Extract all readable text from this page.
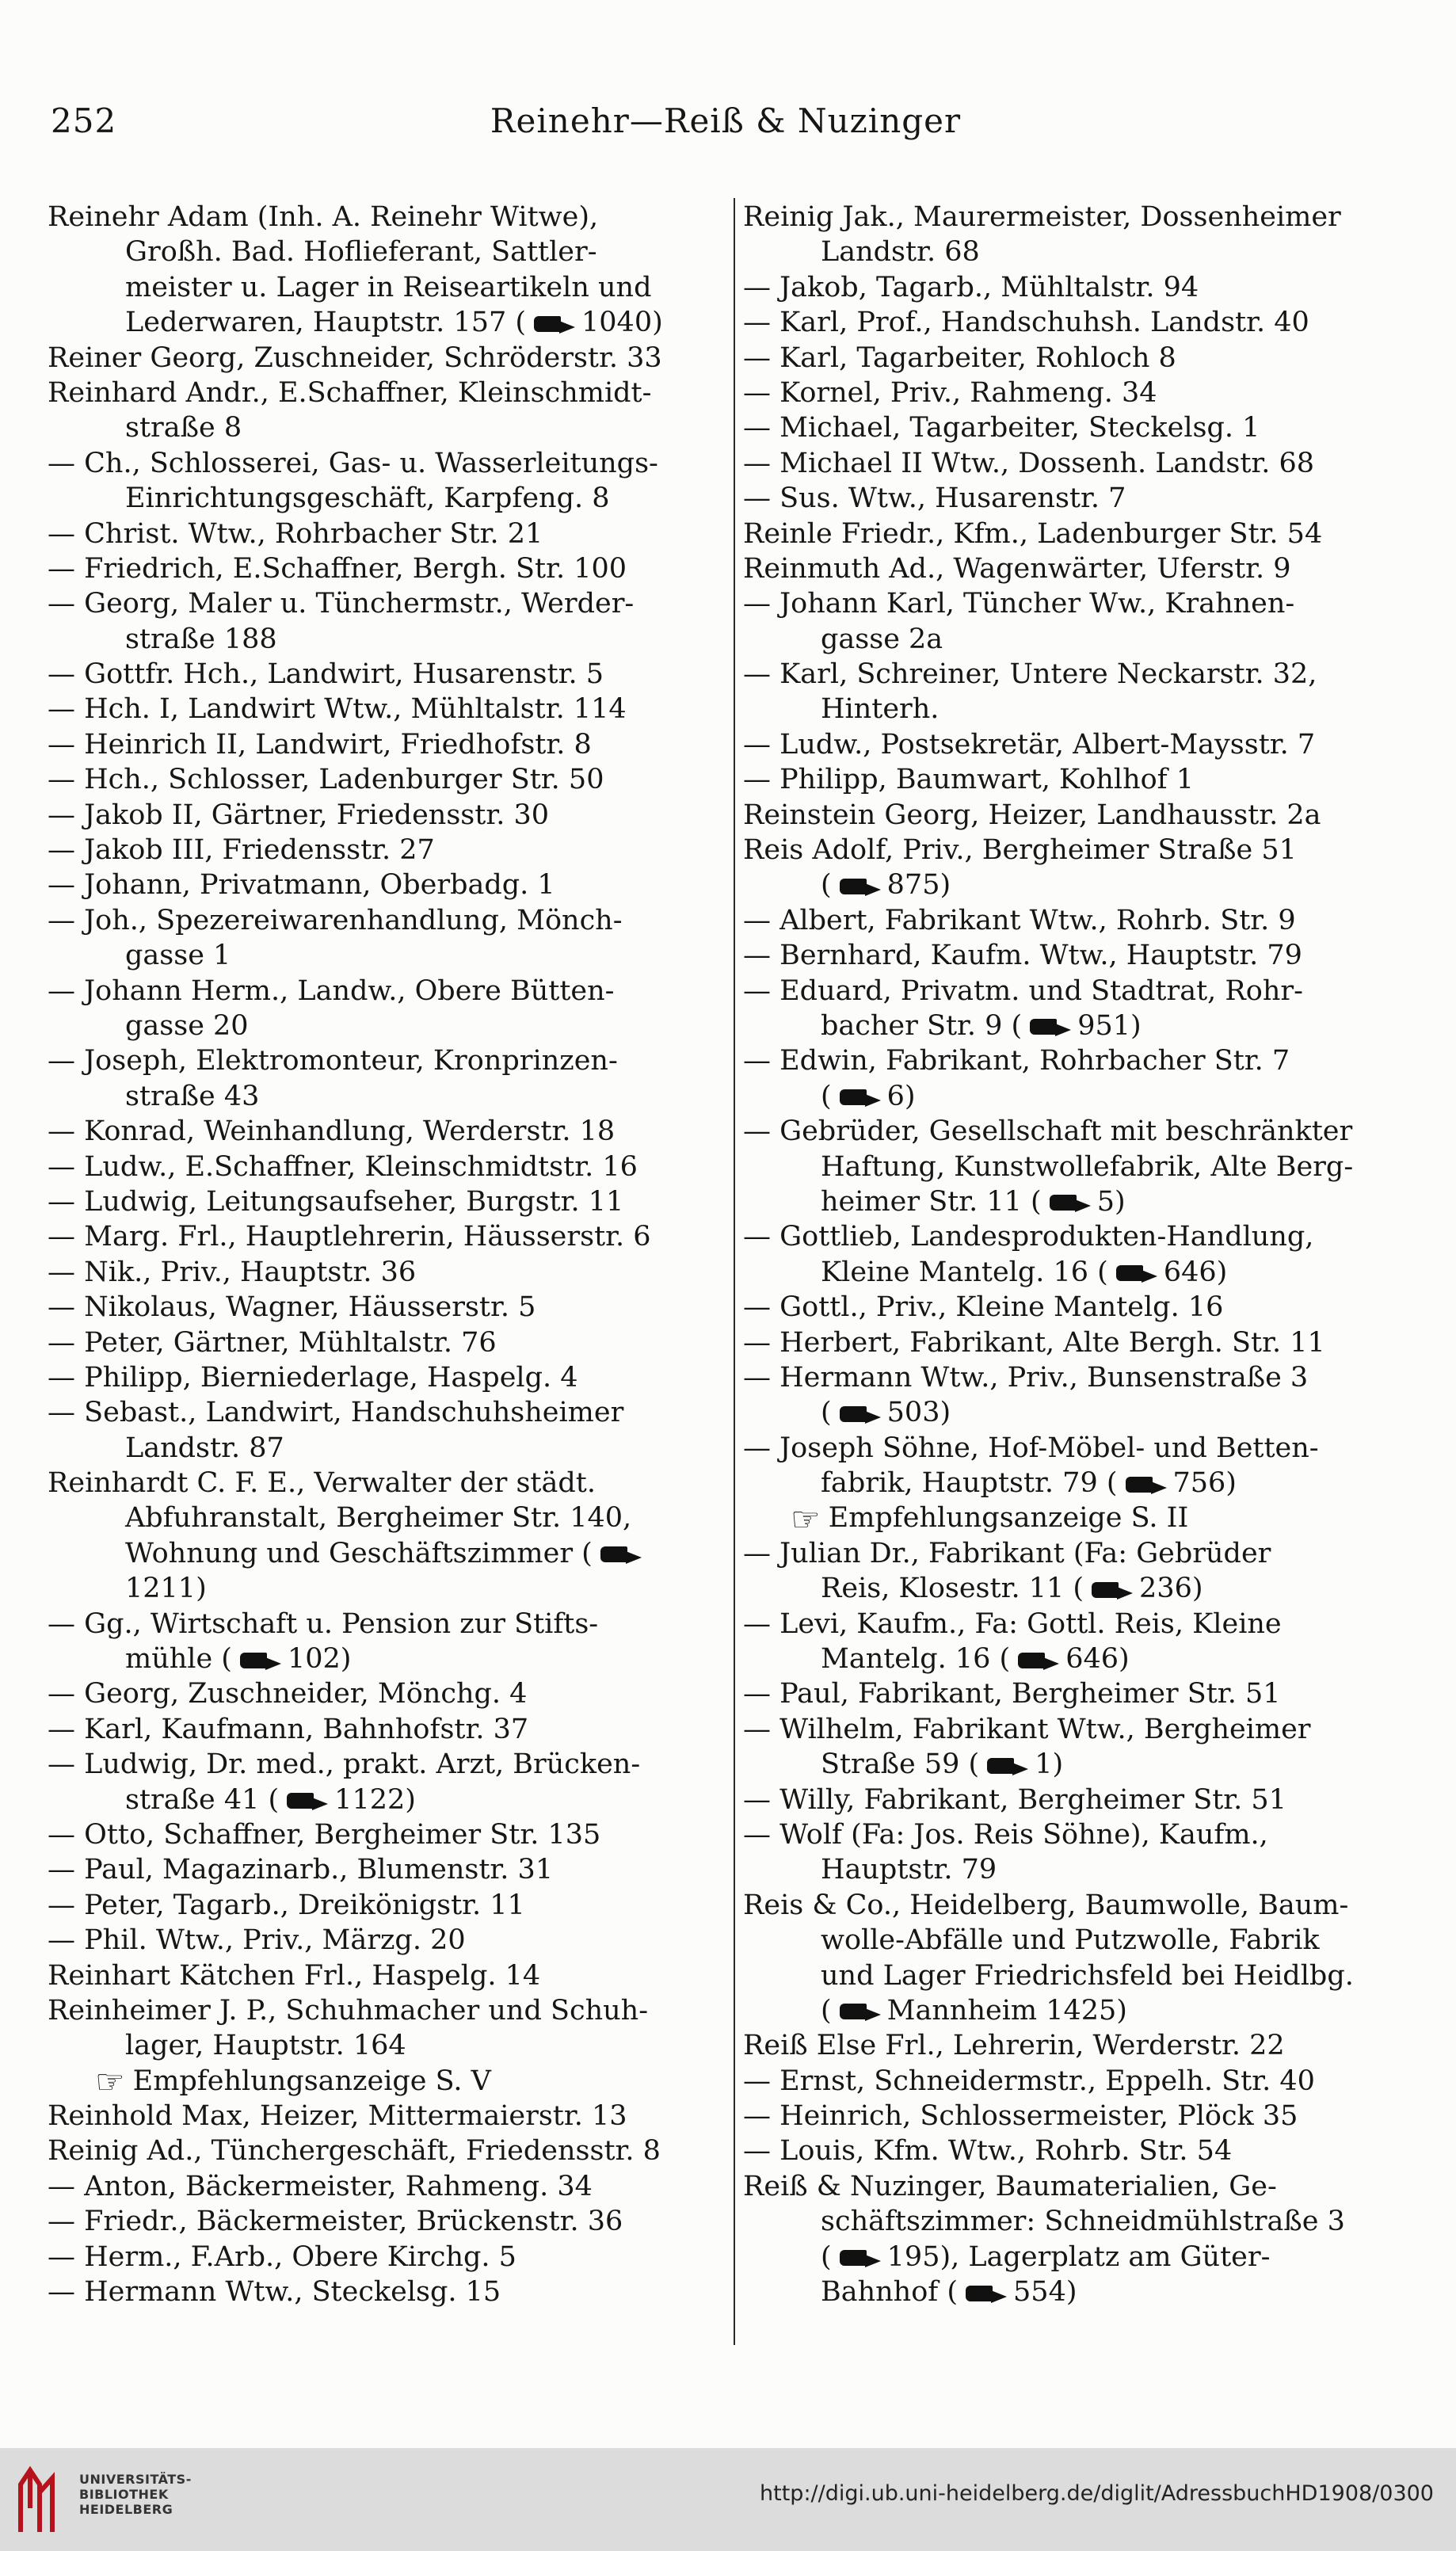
252	Reinehr—Reiß & Nuzinger
Reinehr Adam (Inh. A. Reinehr Witwe),
Großh. Bad. Hoflieferant, Sattler-
meister u. Lager in Reiseartikeln und
Lederwaren, Hauptstr. 157 ( 1040)
Reiner Georg, Zuschneider, Schröderstr. 33
Reinhard Andr., E.Schaffner, Kleinschmidt-
straße 8
— Ch., Schlosserei, Gas- u. Wasserleitungs-
Einrichtungsgeschäft, Karpfeng. 8
— Christ. Wtw., Rohrbacher Str. 21
— Friedrich, E.Schaffner, Bergh. Str. 100
— Georg, Maler u. Tünchermstr., Werder-
straße 188
— Gottfr. Hch., Landwirt, Husarenstr. 5
— Hch. I, Landwirt Wtw., Mühltalstr. 114
— Heinrich II, Landwirt, Friedhofstr. 8
— Hch., Schlosser, Ladenburger Str. 50
— Jakob II, Gärtner, Friedensstr. 30
— Jakob III, Friedensstr. 27
— Johann, Privatmann, Oberbadg. 1
— Joh., Spezereiwarenhandlung, Mönch-
gasse 1
— Johann Herm., Landw., Obere Bütten-
gasse 20
— Joseph, Elektromonteur, Kronprinzen-
straße 43
— Konrad, Weinhandlung, Werderstr. 18
— Ludw., E.Schaffner, Kleinschmidtstr. 16
— Ludwig, Leitungsaufseher, Burgstr. 11
— Marg. Frl., Hauptlehrerin, Häusserstr. 6
— Nik., Priv., Hauptstr. 36
— Nikolaus, Wagner, Häusserstr. 5
— Peter, Gärtner, Mühltalstr. 76
— Philipp, Bierniederlage, Haspelg. 4
— Sebast., Landwirt, Handschuhsheimer
Landstr. 87
Reinhardt C. F. E., Verwalter der städt.
Abfuhranstalt, Bergheimer Str. 140,
Wohnung und Geschäftszimmer (
1211)
— Gg., Wirtschaft u. Pension zur Stifts-
mühle ( 102)
— Georg, Zuschneider, Mönchg. 4
— Karl, Kaufmann, Bahnhofstr. 37
— Ludwig, Dr. med., prakt. Arzt, Brücken-
straße 41 ( 1122)
— Otto, Schaffner, Bergheimer Str. 135
— Paul, Magazinarb., Blumenstr. 31
— Peter, Tagarb., Dreikönigstr. 11
— Phil. Wtw., Priv., Märzg. 20
Reinhart Kätchen Frl., Haspelg. 14
Reinheimer J. P., Schuhmacher und Schuh-
lager, Hauptstr. 164
☞ Empfehlungsanzeige S. V
Reinhold Max, Heizer, Mittermaierstr. 13
Reinig Ad., Tünchergeschäft, Friedensstr. 8
— Anton, Bäckermeister, Rahmeng. 34
— Friedr., Bäckermeister, Brückenstr. 36
— Herm., F.Arb., Obere Kirchg. 5
— Hermann Wtw., Steckelsg. 15
Reinig Jak., Maurermeister, Dossenheimer
Landstr. 68
— Jakob, Tagarb., Mühltalstr. 94
— Karl, Prof., Handschuhsh. Landstr. 40
— Karl, Tagarbeiter, Rohloch 8
— Kornel, Priv., Rahmeng. 34
— Michael, Tagarbeiter, Steckelsg. 1
— Michael II Wtw., Dossenh. Landstr. 68
— Sus. Wtw., Husarenstr. 7
Reinle Friedr., Kfm., Ladenburger Str. 54
Reinmuth Ad., Wagenwärter, Uferstr. 9
— Johann Karl, Tüncher Ww., Krahnen-
gasse 2a
— Karl, Schreiner, Untere Neckarstr. 32,
Hinterh.
— Ludw., Postsekretär, Albert-Maysstr. 7
— Philipp, Baumwart, Kohlhof 1
Reinstein Georg, Heizer, Landhausstr. 2a
Reis Adolf, Priv., Bergheimer Straße 51
( 875)
— Albert, Fabrikant Wtw., Rohrb. Str. 9
— Bernhard, Kaufm. Wtw., Hauptstr. 79
— Eduard, Privatm. und Stadtrat, Rohr-
bacher Str. 9 ( 951)
— Edwin, Fabrikant, Rohrbacher Str. 7
( 6)
— Gebrüder, Gesellschaft mit beschränkter
Haftung, Kunstwollefabrik, Alte Berg-
heimer Str. 11 ( 5)
— Gottlieb, Landesprodukten-Handlung,
Kleine Mantelg. 16 ( 646)
— Gottl., Priv., Kleine Mantelg. 16
— Herbert, Fabrikant, Alte Bergh. Str. 11
— Hermann Wtw., Priv., Bunsenstraße 3
( 503)
— Joseph Söhne, Hof-Möbel- und Betten-
fabrik, Hauptstr. 79 ( 756)
☞ Empfehlungsanzeige S. II
— Julian Dr., Fabrikant (Fa: Gebrüder
Reis, Klosestr. 11 ( 236)
— Levi, Kaufm., Fa: Gottl. Reis, Kleine
Mantelg. 16 ( 646)
— Paul, Fabrikant, Bergheimer Str. 51
— Wilhelm, Fabrikant Wtw., Bergheimer
Straße 59 ( 1)
— Willy, Fabrikant, Bergheimer Str. 51
— Wolf (Fa: Jos. Reis Söhne), Kaufm.,
Hauptstr. 79
Reis & Co., Heidelberg, Baumwolle, Baum-
wolle-Abfälle und Putzwolle, Fabrik
und Lager Friedrichsfeld bei Heidlbg.
( Mannheim 1425)
Reiß Else Frl., Lehrerin, Werderstr. 22
— Ernst, Schneidermstr., Eppelh. Str. 40
— Heinrich, Schlossermeister, Plöck 35
— Louis, Kfm. Wtw., Rohrb. Str. 54
Reiß & Nuzinger, Baumaterialien, Ge-
schäftszimmer: Schneidmühlstraße 3
( 195), Lagerplatz am Güter-
Bahnhof ( 554)
UNIVERSITÄTS-
BIBLIOTHEK
HEIDELBERG
http://digi.ub.uni-heidelberg.de/diglit/AdressbuchHD1908/0300
